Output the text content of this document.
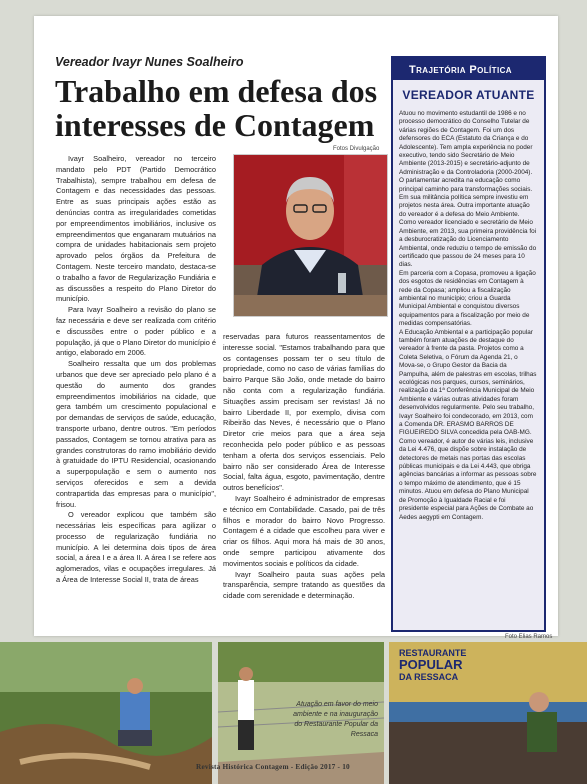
Vereador Ivayr Nunes Soalheiro
Trabalho em defesa dos interesses de Contagem
Fotos Divulgação

Ivayr Soalheiro, vereador no terceiro mandato pelo PDT (Partido Democrático Trabalhista), sempre trabalhou em defesa de Contagem e das necessidades das pessoas. Entre as suas principais ações estão as denúncias contra as irregularidades cometidas por empreendimentos imobiliários, inclusive os empreendimentos que enganaram mutuários na compra de unidades habitacionais sem projeto aprovado pelos órgãos da Prefeitura de Contagem. Neste terceiro mandato, destaca-se o trabalho a favor de Regularização Fundiária e as discussões a respeito do Plano Diretor do município.

Para Ivayr Soalheiro a revisão do plano se faz necessária e deve ser realizada com critério e discussões entre o poder público e a população, já que o Plano Diretor do município é antigo, elaborado em 2006.

Soalheiro ressalta que um dos problemas urbanos que deve ser apreciado pelo plano é a questão do aumento dos grandes empreendimentos imobiliários na cidade, que gera também um crescimento populacional e por demandas de serviços de saúde, educação, transporte urbano, dentre outros. "Em períodos passados, Contagem se tornou atrativa para as grandes construtoras do ramo imobiliário devido à gratuidade do IPTU Residencial, ocasionando a superpopulação e sem o aumento nos serviços oferecidos e sem a devida contrapartida das empresas para o município", frisou.

O vereador explicou que também são necessárias leis específicas para agilizar o processo de regularização fundiária no município. A lei determina dois tipos de área social, a área I e a área II. A área I se refere aos aglomerados, vilas e ocupações irregulares. Já a Área de Interesse Social II, trata de áreas

reservadas para futuros reassentamentos de interesse social. "Estamos trabalhando para que os contagenses possam ter o seu título de propriedade, como no caso de várias famílias do bairro Parque São João, onde metade do bairro não conta com a regularização fundiária. Situações assim precisam ser revistas! Já no bairro Liberdade II, por exemplo, divisa com Ribeirão das Neves, é necessário que o Plano Diretor crie meios para que a área seja reconhecida pelo poder público e as pessoas tenham a oferta dos serviços essenciais. Pelo bairro não ser considerado Área de Interesse Social, falta água, esgoto, pavimentação, dentre outros benefícios".

Ivayr Soalheiro é administrador de empresas e técnico em Contabilidade. Casado, pai de três filhos e morador do bairro Novo Progresso. Contagem é a cidade que escolheu para viver e criar os filhos. Aqui mora há mais de 30 anos, onde sempre participou ativamente dos movimentos sociais e políticos da cidade.

Ivayr Soalheiro pauta suas ações pela transparência, sempre tratando as questões da cidade com serenidade e determinação.

Trajetória Política
VEREADOR ATUANTE

Atuou no movimento estudantil de 1986 e no processo democrático do Conselho Tutelar de várias regiões de Contagem. Foi um dos defensores do ECA (Estatuto da Criança e do Adolescente). Tem ampla experiência no poder executivo, tendo sido Secretário de Meio Ambiente (2013-2015) e secretário-adjunto de Administração e da Controladoria (2000-2004).

O parlamentar acredita na educação como principal caminho para transformações sociais. Em sua militância política sempre investiu em projetos nesta área. Outra importante atuação do vereador é a defesa do Meio Ambiente. Como vereador licenciado e secretário de Meio Ambiente, em 2013, sua primeira providência foi a desburocratização do Licenciamento Ambiental, onde reduziu o tempo de emissão do certificado que passou de 24 meses para 10 dias.

Em parceria com a Copasa, promoveu a ligação dos esgotos de residências em Contagem à rede da Copasa; ampliou a fiscalização ambiental no município; criou a Guarda Municipal Ambiental e conquistou diversos equipamentos para a fiscalização por meio de medidas compensatórias.

A Educação Ambiental e a participação popular também foram atuações de destaque do vereador à frente da pasta. Projetos como a Coleta Seletiva, o Fórum da Agenda 21, o Mova-se, o Grupo Gestor da Bacia da Pampulha, além de palestras em escolas, trilhas ecológicas nos parques, cursos, seminários, realização da 1ª Conferência Municipal de Meio Ambiente e várias outras atividades foram desenvolvidos regularmente. Pelo seu trabalho, Ivayr Soalheiro foi condecorado, em 2013, com a Comenda DR. ERASMO BARROS DE FIGUEIREDO SILVA concedida pela OAB-MG.

Como vereador, é autor de várias leis, inclusive da Lei 4.476, que dispõe sobre instalação de detectores de metais nas portas das escolas públicas municipais e da Lei 4.443, que obriga agências bancárias a informar as pessoas sobre o tempo máximo de atendimento, que é 15 minutos. Atuou em defesa do Plano Municipal de Promoção à Igualdade Racial e foi presidente especial para Ações de Combate ao Aedes aegypti em Contagem.

Foto Elias Ramos
Atuação em favor do meio ambiente e na inauguração do Restaurante Popular da Ressaca
RESTAURANTE
POPULAR
DA RESSACA
Revista Histórica Contagem - Edição 2017 - 10
